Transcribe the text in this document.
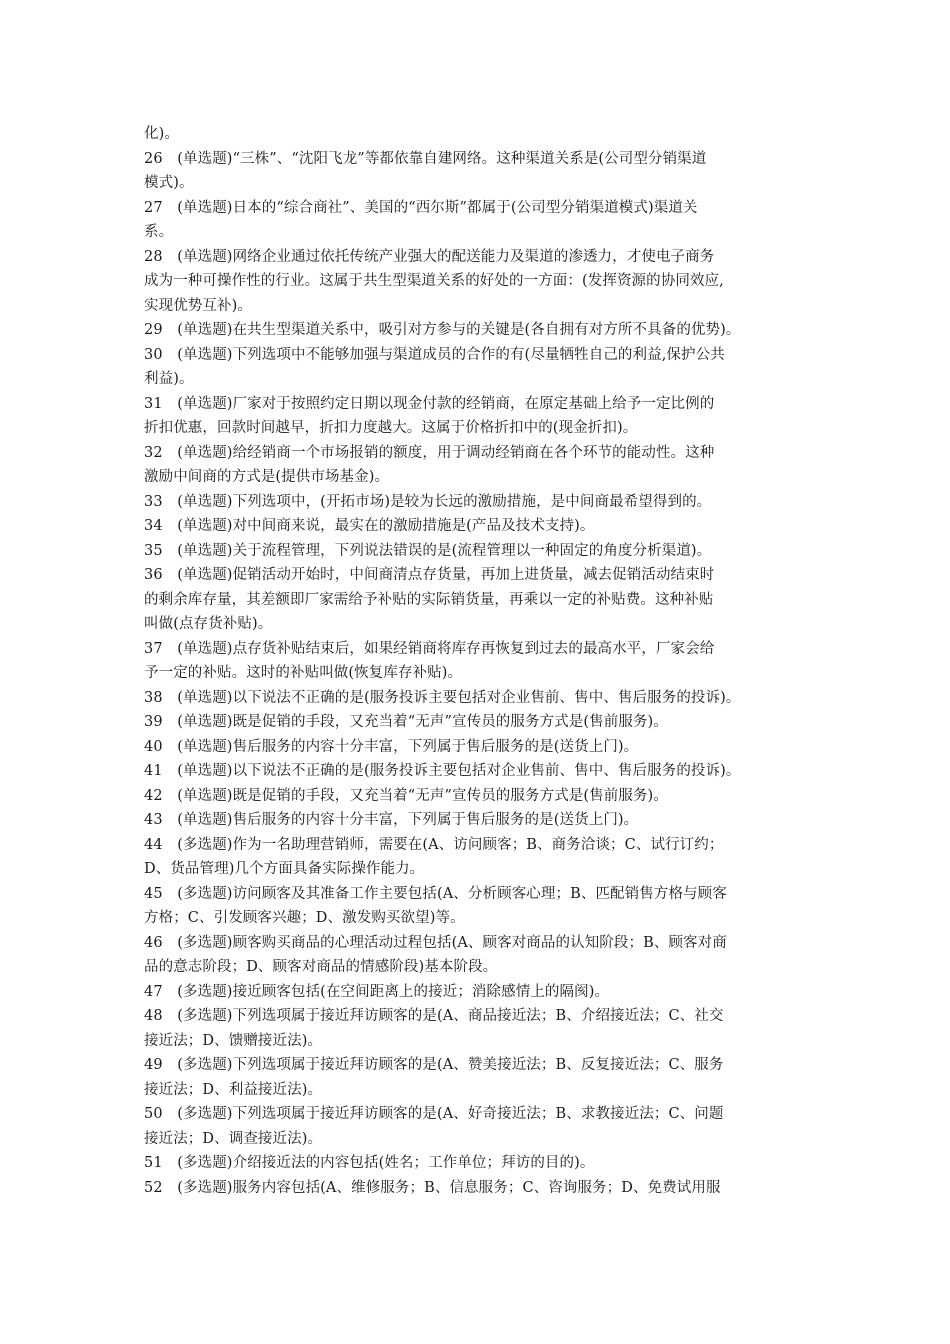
化)。
26　(单选题)“三株”、“沈阳飞龙”等都依靠自建网络。这种渠道关系是(公司型分销渠道
模式)。
27　(单选题)日本的“综合商社”、美国的“西尔斯”都属于(公司型分销渠道模式)渠道关
系。
28　(单选题)网络企业通过依托传统产业强大的配送能力及渠道的渗透力，才使电子商务
成为一种可操作性的行业。这属于共生型渠道关系的好处的一方面：(发挥资源的协同效应,
实现优势互补)。
29　(单选题)在共生型渠道关系中，吸引对方参与的关键是(各自拥有对方所不具备的优势)。
30　(单选题)下列选项中不能够加强与渠道成员的合作的有(尽量牺牲自己的利益,保护公共
利益)。
31　(单选题)厂家对于按照约定日期以现金付款的经销商，在原定基础上给予一定比例的
折扣优惠，回款时间越早，折扣力度越大。这属于价格折扣中的(现金折扣)。
32　(单选题)给经销商一个市场报销的额度，用于调动经销商在各个环节的能动性。这种
激励中间商的方式是(提供市场基金)。
33　(单选题)下列选项中，(开拓市场)是较为长远的激励措施，是中间商最希望得到的。
34　(单选题)对中间商来说，最实在的激励措施是(产品及技术支持)。
35　(单选题)关于流程管理，下列说法错误的是(流程管理以一种固定的角度分析渠道)。
36　(单选题)促销活动开始时，中间商清点存货量，再加上进货量，减去促销活动结束时
的剩余库存量，其差额即厂家需给予补贴的实际销货量，再乘以一定的补贴费。这种补贴
叫做(点存货补贴)。
37　(单选题)点存货补贴结束后，如果经销商将库存再恢复到过去的最高水平，厂家会给
予一定的补贴。这时的补贴叫做(恢复库存补贴)。
38　(单选题)以下说法不正确的是(服务投诉主要包括对企业售前、售中、售后服务的投诉)。
39　(单选题)既是促销的手段，又充当着“无声”宣传员的服务方式是(售前服务)。
40　(单选题)售后服务的内容十分丰富，下列属于售后服务的是(送货上门)。
41　(单选题)以下说法不正确的是(服务投诉主要包括对企业售前、售中、售后服务的投诉)。
42　(单选题)既是促销的手段，又充当着“无声”宣传员的服务方式是(售前服务)。
43　(单选题)售后服务的内容十分丰富，下列属于售后服务的是(送货上门)。
44　(多选题)作为一名助理营销师，需要在(A、访问顾客；B、商务洽谈；C、试行订约；
D、货品管理)几个方面具备实际操作能力。
45　(多选题)访问顾客及其准备工作主要包括(A、分析顾客心理；B、匹配销售方格与顾客
方格；C、引发顾客兴趣；D、激发购买欲望)等。
46　(多选题)顾客购买商品的心理活动过程包括(A、顾客对商品的认知阶段；B、顾客对商
品的意志阶段；D、顾客对商品的情感阶段)基本阶段。
47　(多选题)接近顾客包括(在空间距离上的接近；消除感情上的隔阂)。
48　(多选题)下列选项属于接近拜访顾客的是(A、商品接近法；B、介绍接近法；C、社交
接近法；D、馈赠接近法)。
49　(多选题)下列选项属于接近拜访顾客的是(A、赞美接近法；B、反复接近法；C、服务
接近法；D、利益接近法)。
50　(多选题)下列选项属于接近拜访顾客的是(A、好奇接近法；B、求教接近法；C、问题
接近法；D、调查接近法)。
51　(多选题)介绍接近法的内容包括(姓名；工作单位；拜访的目的)。
52　(多选题)服务内容包括(A、维修服务；B、信息服务；C、咨询服务；D、免费试用服
